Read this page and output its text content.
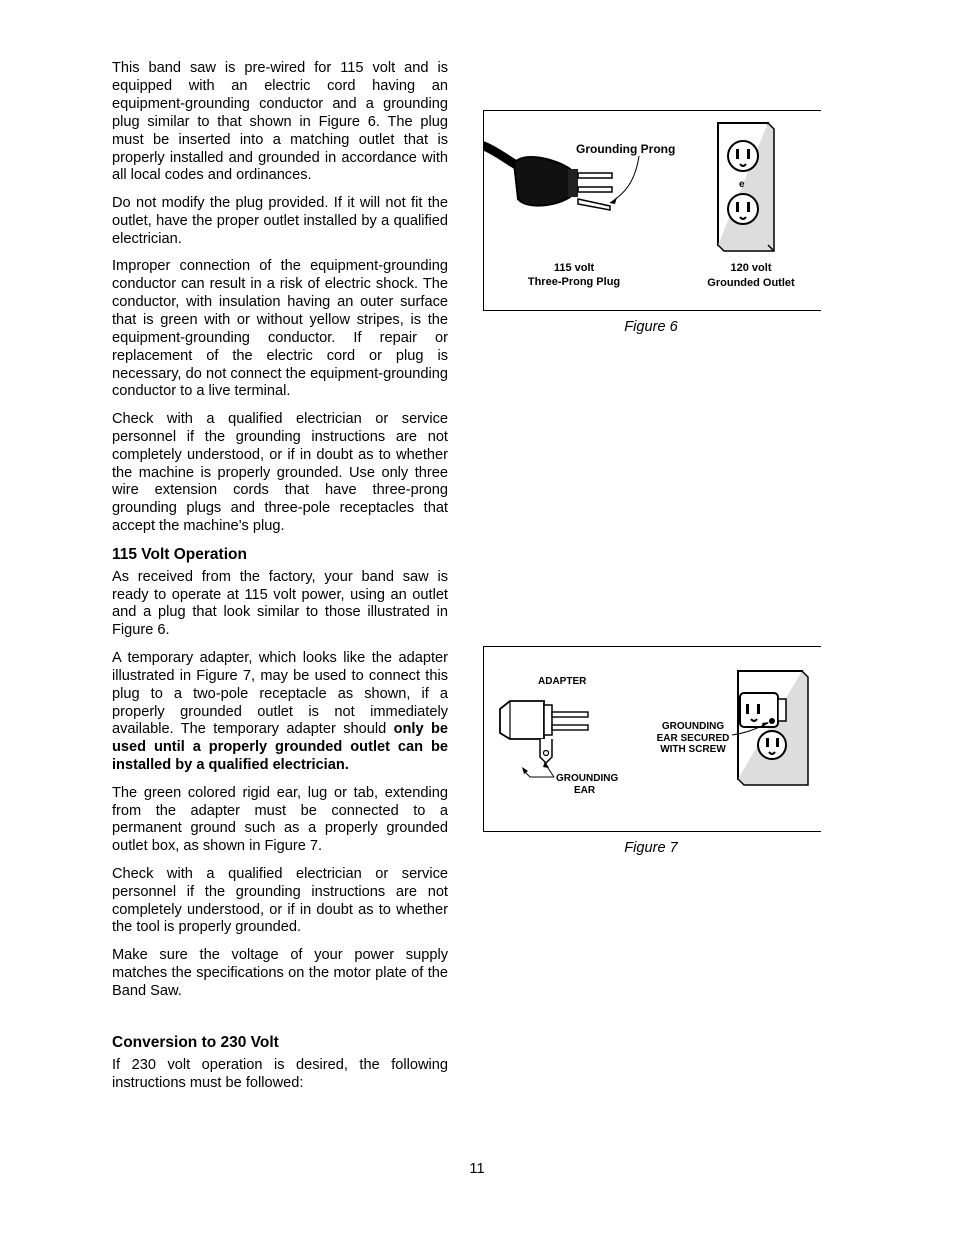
This band saw is pre-wired for 115 volt and is equipped with an electric cord having an equipment-grounding conductor and a grounding plug similar to that shown in Figure 6. The plug must be inserted into a matching outlet that is properly installed and grounded in accordance with all local codes and ordinances.

Do not modify the plug provided. If it will not fit the outlet, have the proper outlet installed by a qualified electrician.

Improper connection of the equipment-grounding conductor can result in a risk of electric shock. The conductor, with insulation having an outer surface that is green with or without yellow stripes, is the equipment-grounding conductor. If repair or replacement of the electric cord or plug is necessary, do not connect the equipment-grounding conductor to a live terminal.

Check with a qualified electrician or service personnel if the grounding instructions are not completely understood, or if in doubt as to whether the machine is properly grounded. Use only three wire extension cords that have three-prong grounding plugs and three-pole receptacles that accept the machine’s plug.

115 Volt Operation

As received from the factory, your band saw is ready to operate at 115 volt power, using an outlet and a plug that look similar to those illustrated in Figure 6.

A temporary adapter, which looks like the adapter illustrated in Figure 7, may be used to connect this plug to a two-pole receptacle as shown, if a properly grounded outlet is not immediately available. The temporary adapter should only be used until a properly grounded outlet can be installed by a qualified electrician.

The green colored rigid ear, lug or tab, extending from the adapter must be connected to a permanent ground such as a properly grounded outlet box, as shown in Figure 7.

Check with a qualified electrician or service personnel if the grounding instructions are not completely understood, or if in doubt as to whether the tool is properly grounded.

Make sure the voltage of your power supply matches the specifications on the motor plate of the Band Saw.

Conversion to 230 Volt

If 230 volt operation is desired, the following instructions must be followed:

Grounding Prong
e
115 volt
Three-Prong Plug
120 volt
Grounded Outlet
Figure 6
ADAPTER
GROUNDING
EAR
GROUNDING
EAR SECURED
WITH SCREW
Figure 7
11
